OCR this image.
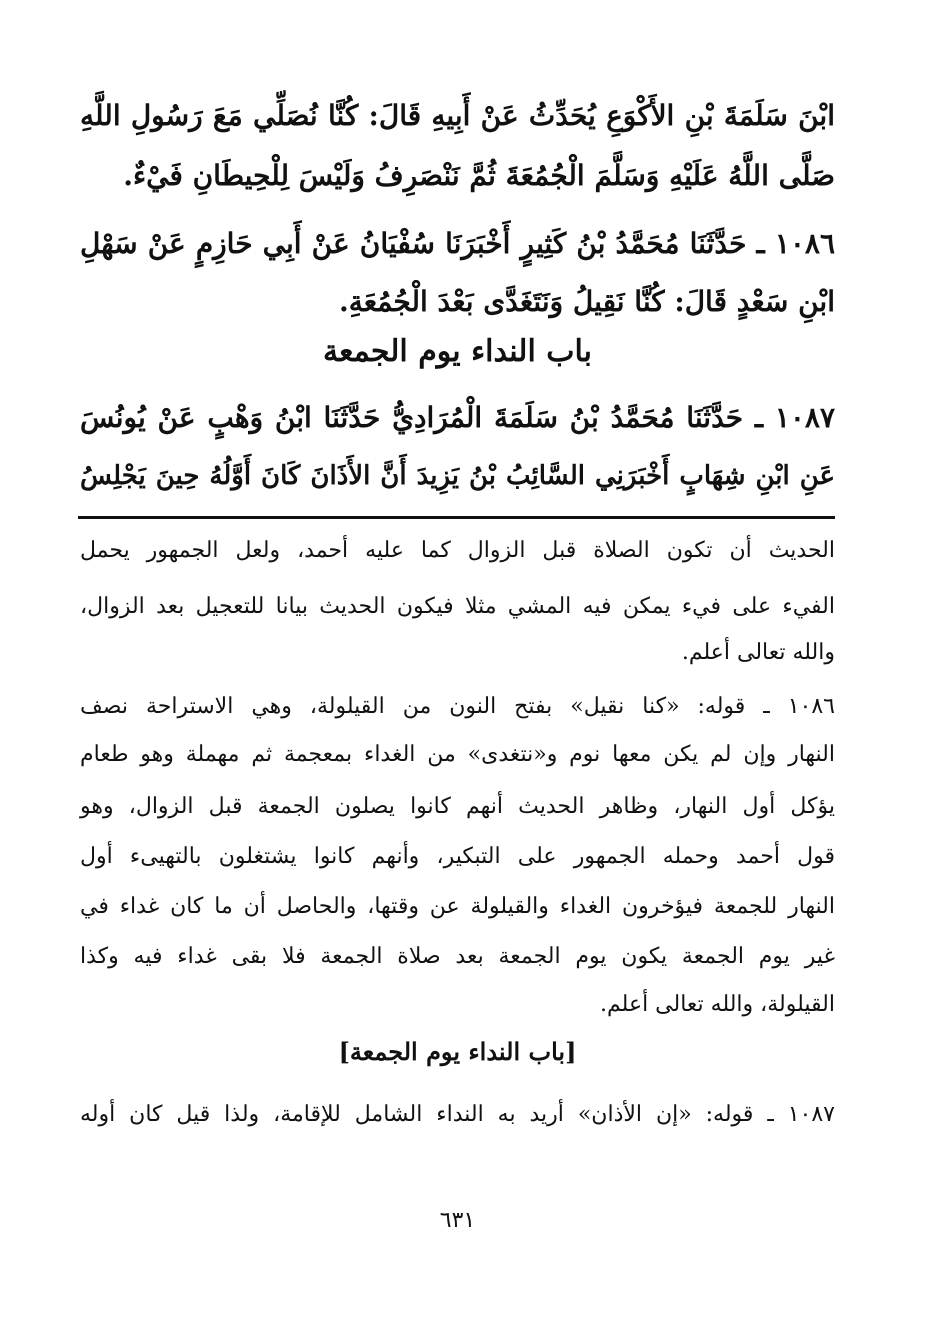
ابْنَ سَلَمَةَ بْنِ الأَكْوَعِ يُحَدِّثُ عَنْ أَبِيهِ قَالَ: كُنَّا نُصَلِّي مَعَ رَسُولِ اللَّهِ
صَلَّى اللَّهُ عَلَيْهِ وَسَلَّمَ الْجُمُعَةَ ثُمَّ نَنْصَرِفُ وَلَيْسَ لِلْحِيطَانِ فَيْءٌ.
١٠٨٦ ـ حَدَّثَنَا مُحَمَّدُ بْنُ كَثِيرٍ أَخْبَرَنَا سُفْيَانُ عَنْ أَبِي حَازِمٍ عَنْ سَهْلِ
ابْنِ سَعْدٍ قَالَ: كُنَّا نَقِيلُ وَنَتَغَدَّى بَعْدَ الْجُمُعَةِ.
باب النداء يوم الجمعة
١٠٨٧ ـ حَدَّثَنَا مُحَمَّدُ بْنُ سَلَمَةَ الْمُرَادِيُّ حَدَّثَنَا ابْنُ وَهْبٍ عَنْ يُونُسَ
عَنِ ابْنِ شِهَابٍ أَخْبَرَنِي السَّائِبُ بْنُ يَزِيدَ أَنَّ الأَذَانَ كَانَ أَوَّلُهُ حِينَ يَجْلِسُ
الحديث أن تكون الصلاة قبل الزوال كما عليه أحمد، ولعل الجمهور يحمل
الفيء على فيء يمكن فيه المشي مثلا فيكون الحديث بيانا للتعجيل بعد الزوال،
والله تعالى أعلم.
١٠٨٦ ـ قوله: «كنا نقيل» بفتح النون من القيلولة، وهي الاستراحة نصف
النهار وإن لم يكن معها نوم و«نتغدى» من الغداء بمعجمة ثم مهملة وهو طعام
يؤكل أول النهار، وظاهر الحديث أنهم كانوا يصلون الجمعة قبل الزوال، وهو
قول أحمد وحمله الجمهور على التبكير، وأنهم كانوا يشتغلون بالتهيىء أول
النهار للجمعة فيؤخرون الغداء والقيلولة عن وقتها، والحاصل أن ما كان غداء في
غير يوم الجمعة يكون يوم الجمعة بعد صلاة الجمعة فلا بقى غداء فيه وكذا
القيلولة، والله تعالى أعلم.
[باب النداء يوم الجمعة]
١٠٨٧ ـ قوله: «إن الأذان» أريد به النداء الشامل للإقامة، ولذا قيل كان أوله
٦٣١
